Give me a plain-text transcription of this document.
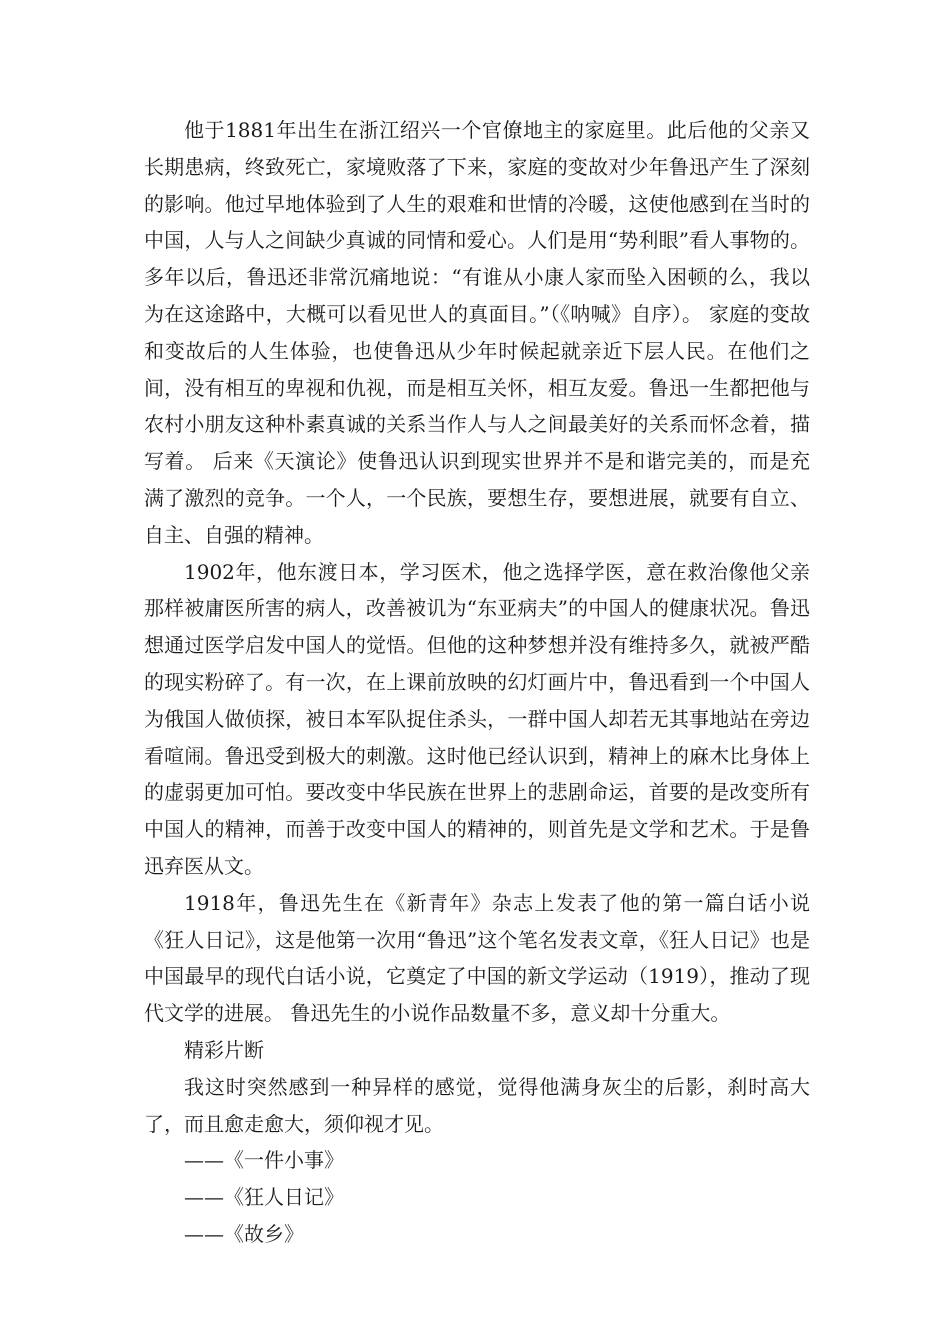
他于1881年出生在浙江绍兴一个官僚地主的家庭里。此后他的父亲又长期患病，终致死亡，家境败落了下来，家庭的变故对少年鲁迅产生了深刻的影响。他过早地体验到了人生的艰难和世情的冷暖，这使他感到在当时的中国，人与人之间缺少真诚的同情和爱心。人们是用“势利眼”看人事物的。多年以后，鲁迅还非常沉痛地说：“有谁从小康人家而坠入困顿的么，我以为在这途路中，大概可以看见世人的真面目。”（《呐喊》自序）。 家庭的变故和变故后的人生体验，也使鲁迅从少年时候起就亲近下层人民。在他们之间，没有相互的卑视和仇视，而是相互关怀，相互友爱。鲁迅一生都把他与农村小朋友这种朴素真诚的关系当作人与人之间最美好的关系而怀念着，描写着。 后来《天演论》使鲁迅认识到现实世界并不是和谐完美的，而是充满了激烈的竞争。一个人，一个民族，要想生存，要想进展，就要有自立、自主、自强的精神。

1902年，他东渡日本，学习医术，他之选择学医，意在救治像他父亲那样被庸医所害的病人，改善被讥为“东亚病夫”的中国人的健康状况。鲁迅想通过医学启发中国人的觉悟。但他的这种梦想并没有维持多久，就被严酷的现实粉碎了。有一次，在上课前放映的幻灯画片中，鲁迅看到一个中国人为俄国人做侦探，被日本军队捉住杀头，一群中国人却若无其事地站在旁边看喧闹。鲁迅受到极大的刺激。这时他已经认识到，精神上的麻木比身体上的虚弱更加可怕。要改变中华民族在世界上的悲剧命运，首要的是改变所有中国人的精神，而善于改变中国人的精神的，则首先是文学和艺术。于是鲁迅弃医从文。

1918年，鲁迅先生在《新青年》杂志上发表了他的第一篇白话小说《狂人日记》，这是他第一次用“鲁迅”这个笔名发表文章，《狂人日记》也是中国最早的现代白话小说，它奠定了中国的新文学运动（1919），推动了现代文学的进展。 鲁迅先生的小说作品数量不多，意义却十分重大。

精彩片断

我这时突然感到一种异样的感觉，觉得他满身灰尘的后影，刹时高大了，而且愈走愈大，须仰视才见。

——《一件小事》

——《狂人日记》

——《故乡》
